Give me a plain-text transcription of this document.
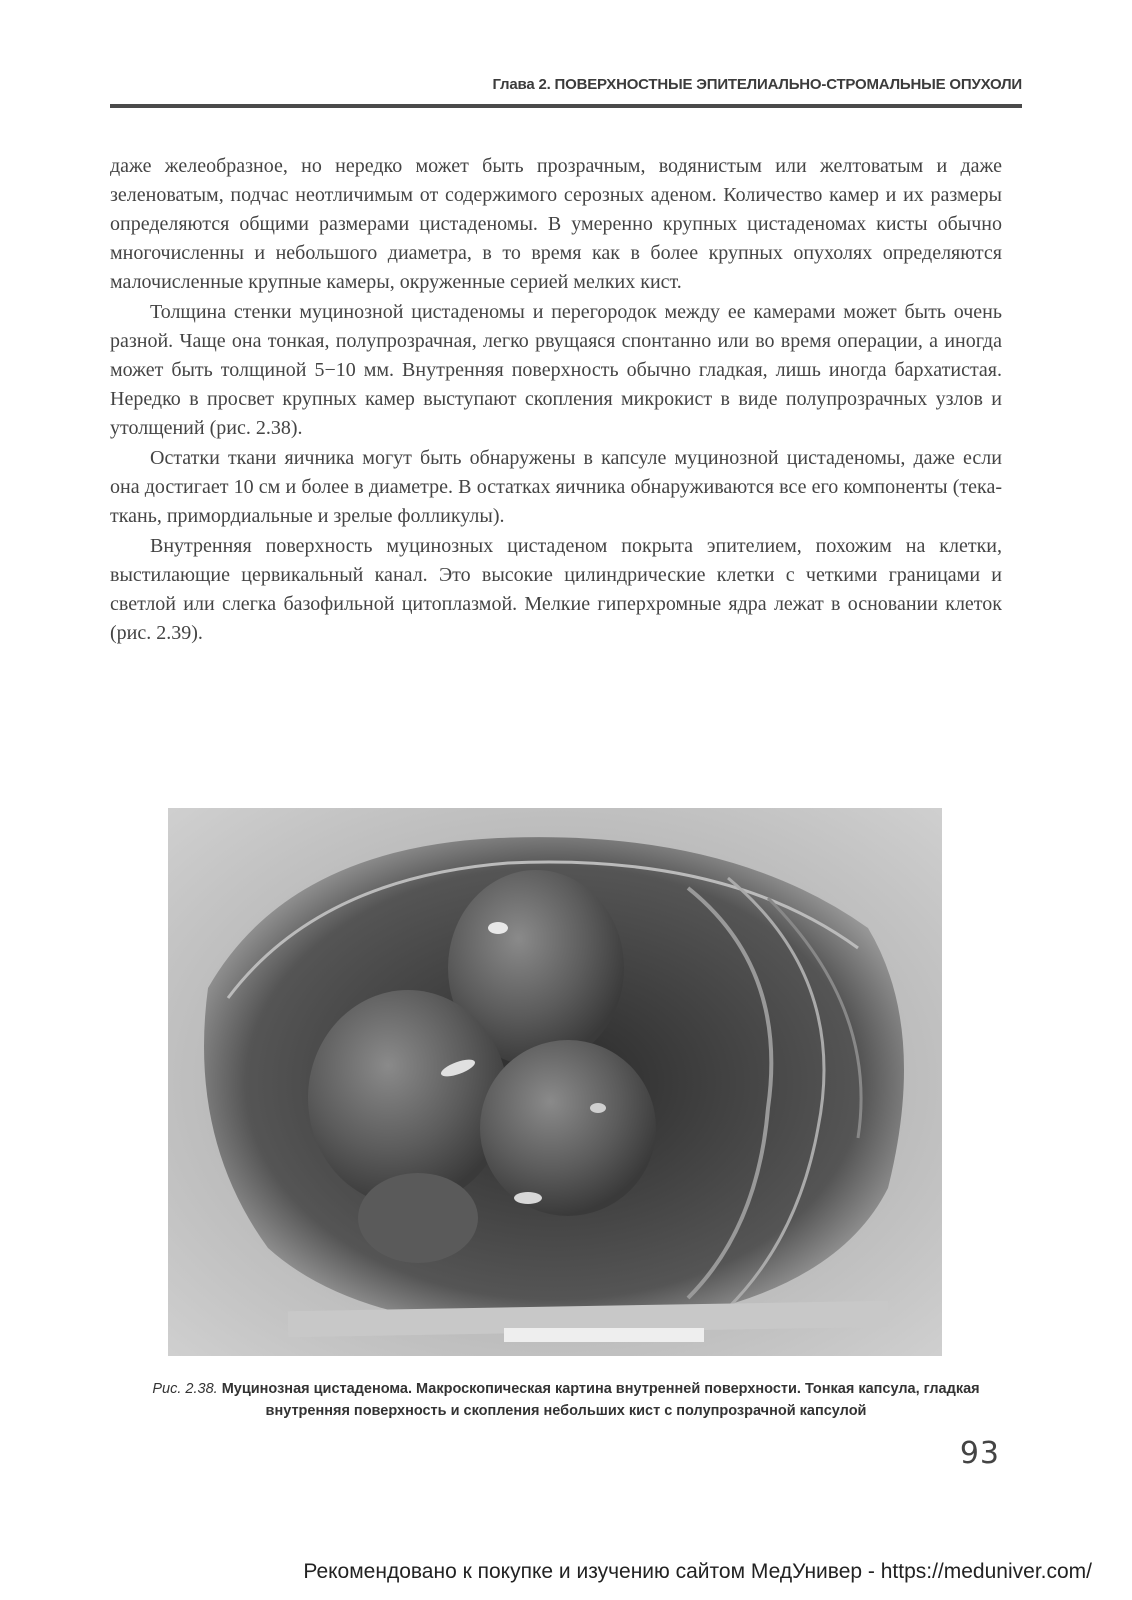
Глава 2. ПОВЕРХНОСТНЫЕ ЭПИТЕЛИАЛЬНО-СТРОМАЛЬНЫЕ ОПУХОЛИ

даже желеобразное, но нередко может быть прозрачным, водянистым или желтоватым и даже зеленоватым, подчас неотличимым от содержимого серозных аденом. Количество камер и их размеры определяются общими размерами цистаденомы. В умеренно крупных цистаденомах кисты обычно многочисленны и небольшого диаметра, в то время как в более крупных опухолях определяются малочисленные крупные камеры, окруженные серией мелких кист.

Толщина стенки муцинозной цистаденомы и перегородок между ее камерами может быть очень разной. Чаще она тонкая, полупрозрачная, легко рвущаяся спонтанно или во время операции, а иногда может быть толщиной 5−10 мм. Внутренняя поверхность обычно гладкая, лишь иногда бархатистая. Нередко в просвет крупных камер выступают скопления микрокист в виде полупрозрачных узлов и утолщений (рис. 2.38).

Остатки ткани яичника могут быть обнаружены в капсуле муцинозной цистаденомы, даже если она достигает 10 см и более в диаметре. В остатках яичника обнаруживаются все его компоненты (тека-ткань, примордиальные и зрелые фолликулы).

Внутренняя поверхность муцинозных цистаденом покрыта эпителием, похожим на клетки, выстилающие цервикальный канал. Это высокие цилиндрические клетки с четкими границами и светлой или слегка базофильной цитоплазмой. Мелкие гиперхромные ядра лежат в основании клеток (рис. 2.39).

Рис. 2.38. Муцинозная цистаденома. Макроскопическая картина внутренней поверхности. Тонкая капсула, гладкая внутренняя поверхность и скопления небольших кист с полупрозрачной капсулой
93
Рекомендовано к покупке и изучению сайтом МедУнивер - https://meduniver.com/
